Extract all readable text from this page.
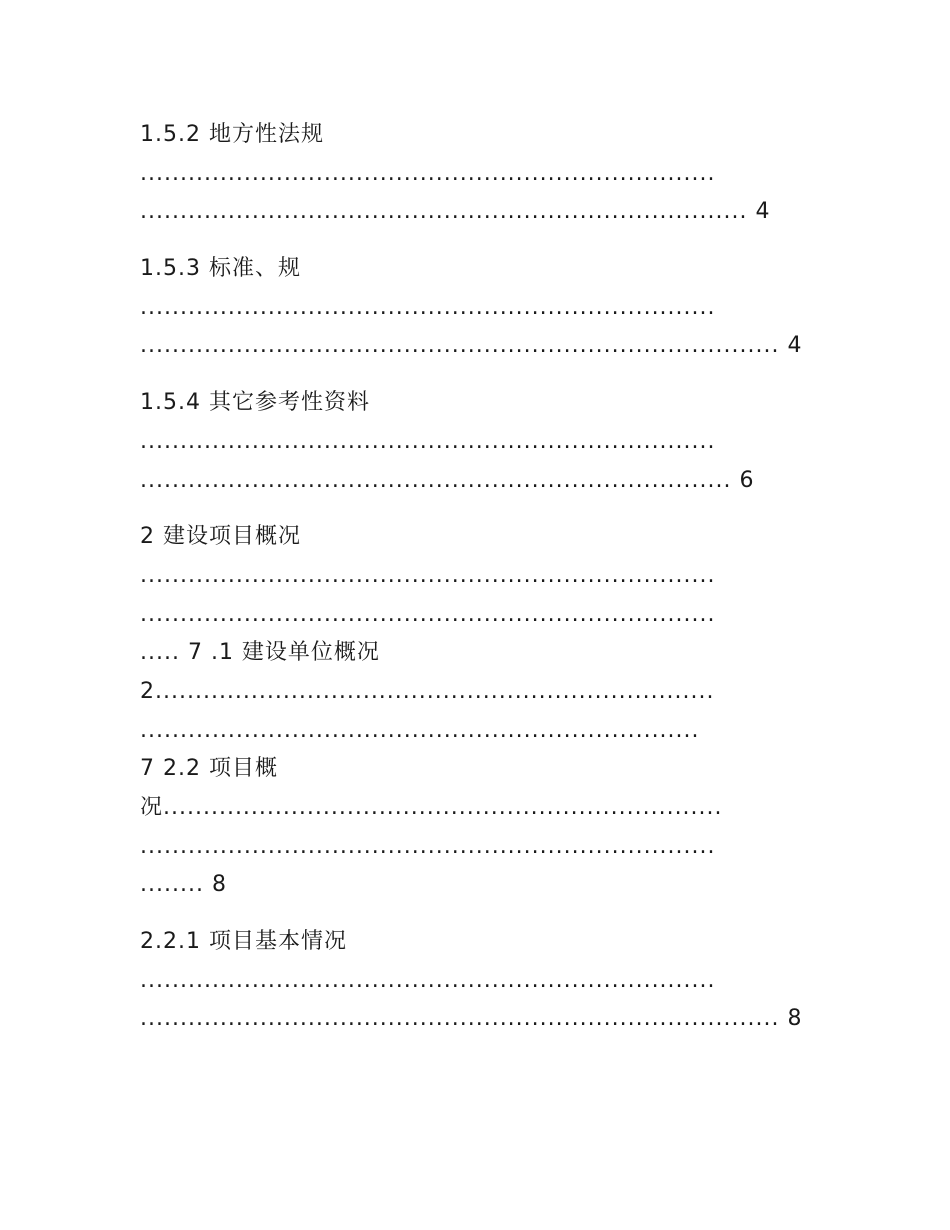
1.5.2 地方性法规
........................................................................
............................................................................ 4
1.5.3 标准、规
........................................................................
................................................................................ 4
1.5.4 其它参考性资料
........................................................................
.......................................................................... 6
2 建设项目概况
........................................................................
........................................................................
..... 7 .1 建设单位概况
2......................................................................
......................................................................
7 2.2 项目概
况......................................................................
........................................................................
........ 8
2.2.1 项目基本情况
........................................................................
................................................................................ 8
